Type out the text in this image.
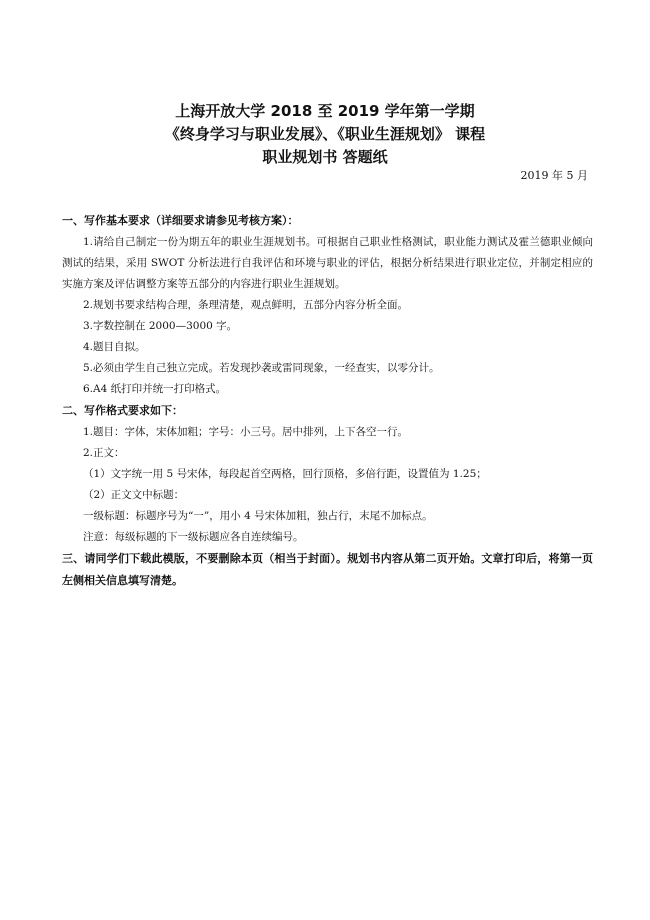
上海开放大学 2018 至 2019 学年第一学期
《终身学习与职业发展》、《职业生涯规划》 课程
职业规划书 答题纸
2019 年 5 月

一、写作基本要求（详细要求请参见考核方案）：

1.请给自己制定一份为期五年的职业生涯规划书。可根据自己职业性格测试，职业能力测试及霍兰德职业倾向测试的结果，采用 SWOT 分析法进行自我评估和环境与职业的评估，根据分析结果进行职业定位，并制定相应的实施方案及评估调整方案等五部分的内容进行职业生涯规划。

2.规划书要求结构合理，条理清楚，观点鲜明，五部分内容分析全面。

3.字数控制在 2000—3000 字。

4.题目自拟。

5.必须由学生自己独立完成。若发现抄袭或雷同现象，一经查实，以零分计。

6.A4 纸打印并统一打印格式。

二、写作格式要求如下：

1.题目：字体，宋体加粗；字号：小三号。居中排列，上下各空一行。

2.正文：

（1）文字统一用 5 号宋体，每段起首空两格，回行顶格，多倍行距，设置值为 1.25；

（2）正文文中标题：

一级标题：标题序号为“一”，用小 4 号宋体加粗，独占行，末尾不加标点。

注意：每级标题的下一级标题应各自连续编号。

三、请同学们下载此模版，不要删除本页（相当于封面）。规划书内容从第二页开始。文章打印后，将第一页左侧相关信息填写清楚。
